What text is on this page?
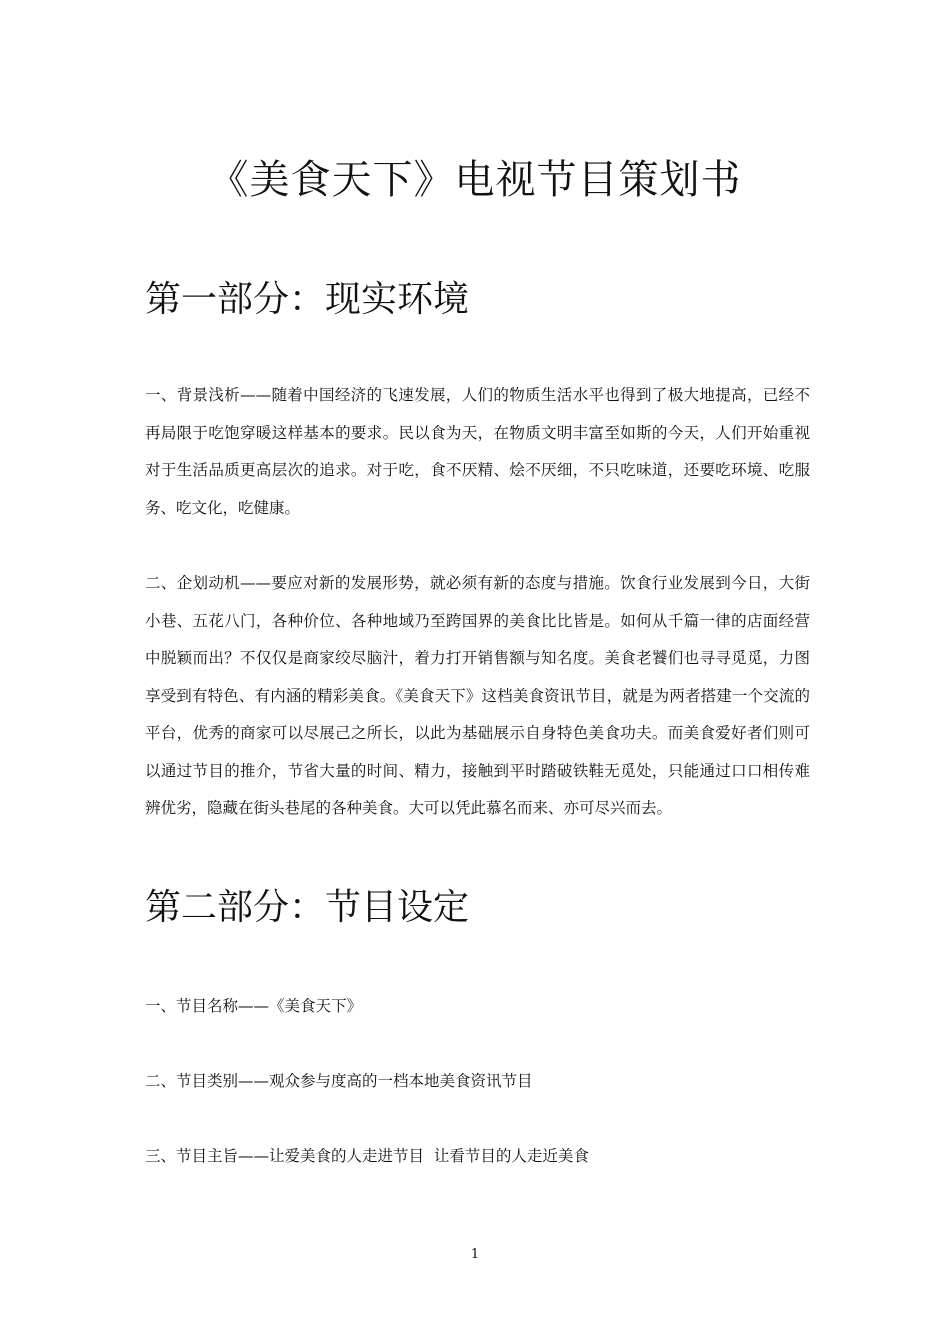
《美食天下》电视节目策划书
第一部分：现实环境

一、背景浅析——随着中国经济的飞速发展，人们的物质生活水平也得到了极大地提高，已经不再局限于吃饱穿暖这样基本的要求。民以食为天，在物质文明丰富至如斯的今天，人们开始重视对于生活品质更高层次的追求。对于吃，食不厌精、烩不厌细，不只吃味道，还要吃环境、吃服务、吃文化，吃健康。

二、企划动机——要应对新的发展形势，就必须有新的态度与措施。饮食行业发展到今日，大街小巷、五花八门，各种价位、各种地域乃至跨国界的美食比比皆是。如何从千篇一律的店面经营中脱颖而出？不仅仅是商家绞尽脑汁，着力打开销售额与知名度。美食老饕们也寻寻觅觅，力图享受到有特色、有内涵的精彩美食。《美食天下》这档美食资讯节目，就是为两者搭建一个交流的平台，优秀的商家可以尽展己之所长，以此为基础展示自身特色美食功夫。而美食爱好者们则可以通过节目的推介，节省大量的时间、精力，接触到平时踏破铁鞋无觅处，只能通过口口相传难辨优劣，隐藏在街头巷尾的各种美食。大可以凭此慕名而来、亦可尽兴而去。

第二部分：节目设定

一、节目名称——《美食天下》

二、节目类别——观众参与度高的一档本地美食资讯节目

三、节目主旨——让爱美食的人走进节目  让看节目的人走近美食

1
